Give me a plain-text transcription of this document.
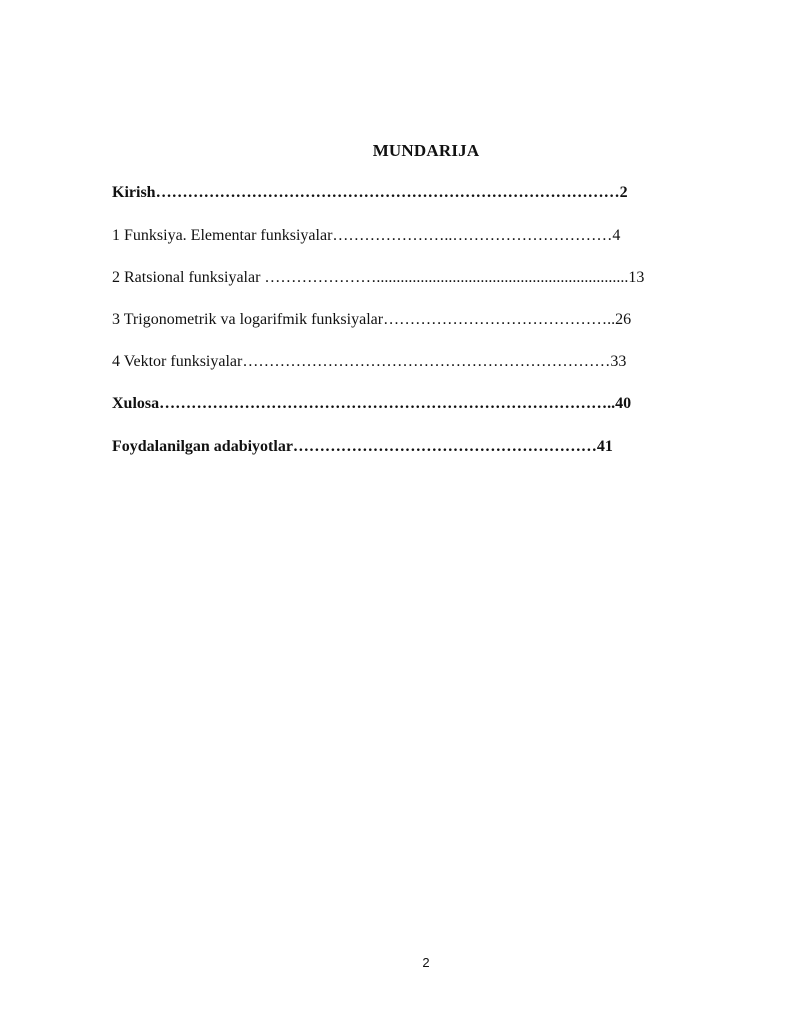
MUNDARIJA
Kirish……………………………………………………………………………2
1 Funksiya. Elementar funksiyalar…………………..…………………………4
2 Ratsional funksiyalar …………………...............................................................13
3 Trigonometrik va logarifmik funksiyalar……………………………………..26
4 Vektor funksiyalar……………………………………………………………33
Xulosa…………………………………………………………………………..40
Foydalanilgan adabiyotlar…………………………………………………41
2
